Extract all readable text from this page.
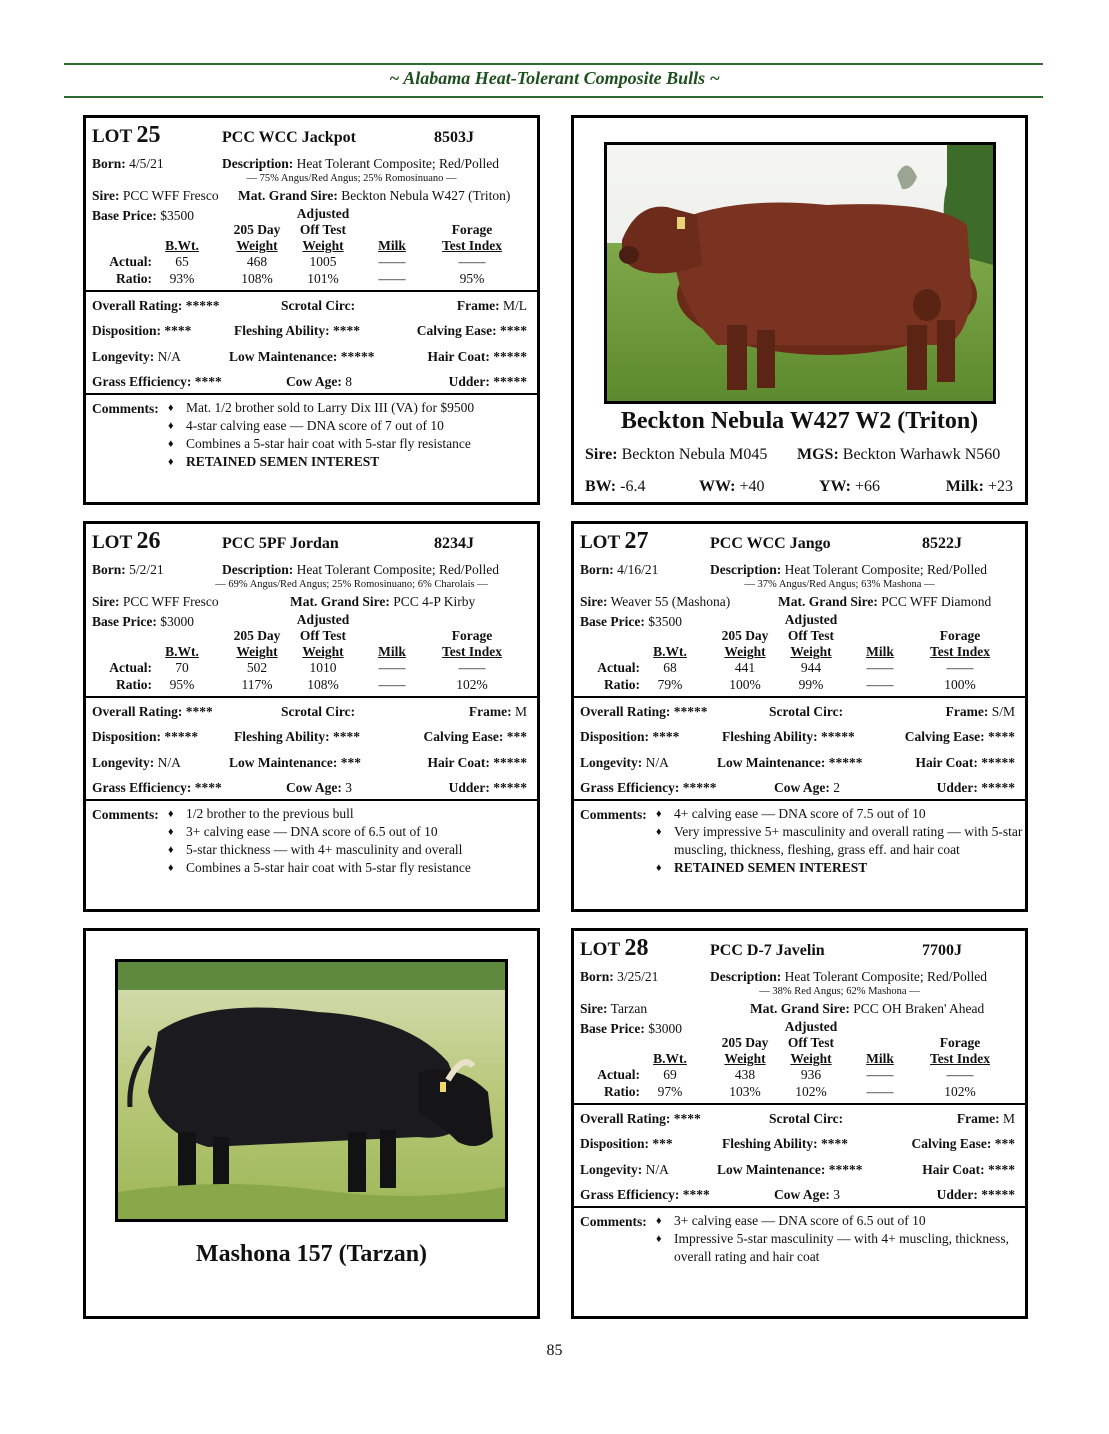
~ Alabama Heat-Tolerant Composite Bulls ~
LOT 25	PCC WCC Jackpot	8503J
Born: 4/5/21	Description: Heat Tolerant Composite; Red/Polled
— 75% Angus/Red Angus; 25% Romosinuano —
Sire: PCC WFF Fresco Mat. Grand Sire: Beckton Nebula W427 (Triton)
Base Price: $3500	Adjusted
205 Day	Off Test	Forage
B.Wt.	Weight	Weight	Milk	Test Index
Actual:	65	468	1005	——	——
Ratio:	93%	108%	101%	——	95%
Overall Rating: *****	Scrotal Circ:	Frame: M/L
Disposition: ****	Fleshing Ability: ****	Calving Ease: ****
Longevity: N/A	Low Maintenance: *****	Hair Coat: *****
Grass Efficiency: ****	Cow Age: 8	Udder: *****
Comments:	♦ Mat. 1/2 brother sold to Larry Dix III (VA) for $9500
♦ 4-star calving ease — DNA score of 7 out of 10
♦ Combines a 5-star hair coat with 5-star fly resistance
♦ RETAINED SEMEN INTEREST
LOT 26	PCC 5PF Jordan	8234J
Born: 5/2/21	Description: Heat Tolerant Composite; Red/Polled
— 69% Angus/Red Angus; 25% Romosinuano; 6% Charolais —
Sire: PCC WFF Fresco	Mat. Grand Sire: PCC 4-P Kirby
Base Price: $3000	Adjusted
205 Day	Off Test	Forage
B.Wt.	Weight	Weight	Milk	Test Index
Actual:	70	502	1010	——	——
Ratio:	95%	117%	108%	——	102%
Overall Rating: ****	Scrotal Circ:	Frame: M
Disposition: *****	Fleshing Ability: ****	Calving Ease: ***
Longevity: N/A	Low Maintenance: ***	Hair Coat: *****
Grass Efficiency: ****	Cow Age: 3	Udder: *****
Comments:	♦ 1/2 brother to the previous bull
♦ 3+ calving ease — DNA score of 6.5 out of 10
♦ 5-star thickness — with 4+ masculinity and overall
♦ Combines a 5-star hair coat with 5-star fly resistance
LOT 27	PCC WCC Jango	8522J
Born: 4/16/21	Description: Heat Tolerant Composite; Red/Polled
— 37% Angus/Red Angus; 63% Mashona —
Sire: Weaver 55 (Mashona)	Mat. Grand Sire: PCC WFF Diamond
Base Price: $3500	Adjusted
205 Day	Off Test	Forage
B.Wt.	Weight	Weight	Milk	Test Index
Actual:	68	441	944	——	——
Ratio:	79%	100%	99%	——	100%
Overall Rating: *****	Scrotal Circ:	Frame: S/M
Disposition: ****	Fleshing Ability: *****	Calving Ease: ****
Longevity: N/A	Low Maintenance: *****	Hair Coat: *****
Grass Efficiency: *****	Cow Age: 2	Udder: *****
Comments:	♦ 4+ calving ease — DNA score of 7.5 out of 10
♦ Very impressive 5+ masculinity and overall rating — with 5-star muscling, thickness, fleshing, grass eff. and hair coat
♦ RETAINED SEMEN INTEREST
LOT 28	PCC D-7 Javelin	7700J
Born: 3/25/21	Description: Heat Tolerant Composite; Red/Polled
— 38% Red Angus; 62% Mashona —
Sire: Tarzan	Mat. Grand Sire: PCC OH Braken' Ahead
Base Price: $3000	Adjusted
205 Day	Off Test	Forage
B.Wt.	Weight	Weight	Milk	Test Index
Actual:	69	438	936	——	——
Ratio:	97%	103%	102%	——	102%
Overall Rating: ****	Scrotal Circ:	Frame: M
Disposition: ***	Fleshing Ability: ****	Calving Ease: ***
Longevity: N/A	Low Maintenance: *****	Hair Coat: ****
Grass Efficiency: ****	Cow Age: 3	Udder: *****
Comments:	♦ 3+ calving ease — DNA score of 6.5 out of 10
♦ Impressive 5-star masculinity — with 4+ muscling, thickness, overall rating and hair coat
Beckton Nebula W427 W2 (Triton)
Sire: Beckton Nebula M045 MGS: Beckton Warhawk N560
BW: -6.4	WW: +40	YW: +66	Milk: +23
Mashona 157 (Tarzan)
85
